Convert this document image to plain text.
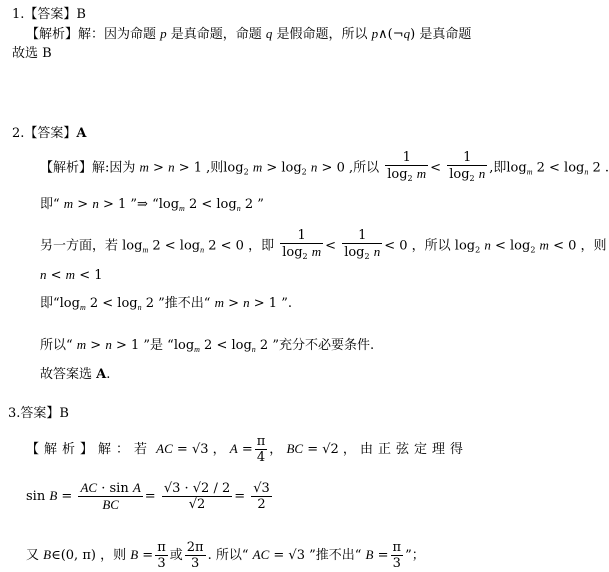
1.【答案】B
【解析】解：因为命题 p 是真命题，命题 q 是假命题，所以 p∧(¬q) 是真命题
故选 B
2.【答案】A
【解析】解:因为 m > n > 1 ,则$\log_2 m > \log_2 n > 0$ ,所以 $\frac{1}{\log_2 m} < \frac{1}{\log_2 n}$ ,即$\log_m 2 < \log_n 2$ .
即“ m > n > 1 ”⇒ “$\log_m$ $2 < \log_n 2$ ”
另一方面，若 $\log_m 2 < \log_n 2 < 0$ ，即 $\frac{1}{\log_2 m} < \frac{1}{\log_2 n} < 0$ ，所以 $\log_2 n < \log_2 m < 0$ ，则
n < m < 1
即“$\log_m$ $2 < \log_n 2$ ”推不出“ m > n > 1 ”.
所以“ m > n > 1 ”是 “$\log_m$ $2 < \log_n 2$ ”充分不必要条件.
故答案选 A.
3.答案】B
【解析】解：若 AC = √3 ， $A = \frac{\pi}{4}$ ， BC = √2 ， 由正弦定理得
$\sin B = \frac{\text{AC · sin A}}{BC} = \frac{√3 \cdot √2 / 2}{√2} = \frac{√3}{2}$
又 B∈(0, π) ，则 $B = \frac{\pi}{3}$ 或 $\frac{2\pi}{3}$ . 所以“ AC = √3 ”推不出“ $B = \frac{\pi}{3}$ ”；
